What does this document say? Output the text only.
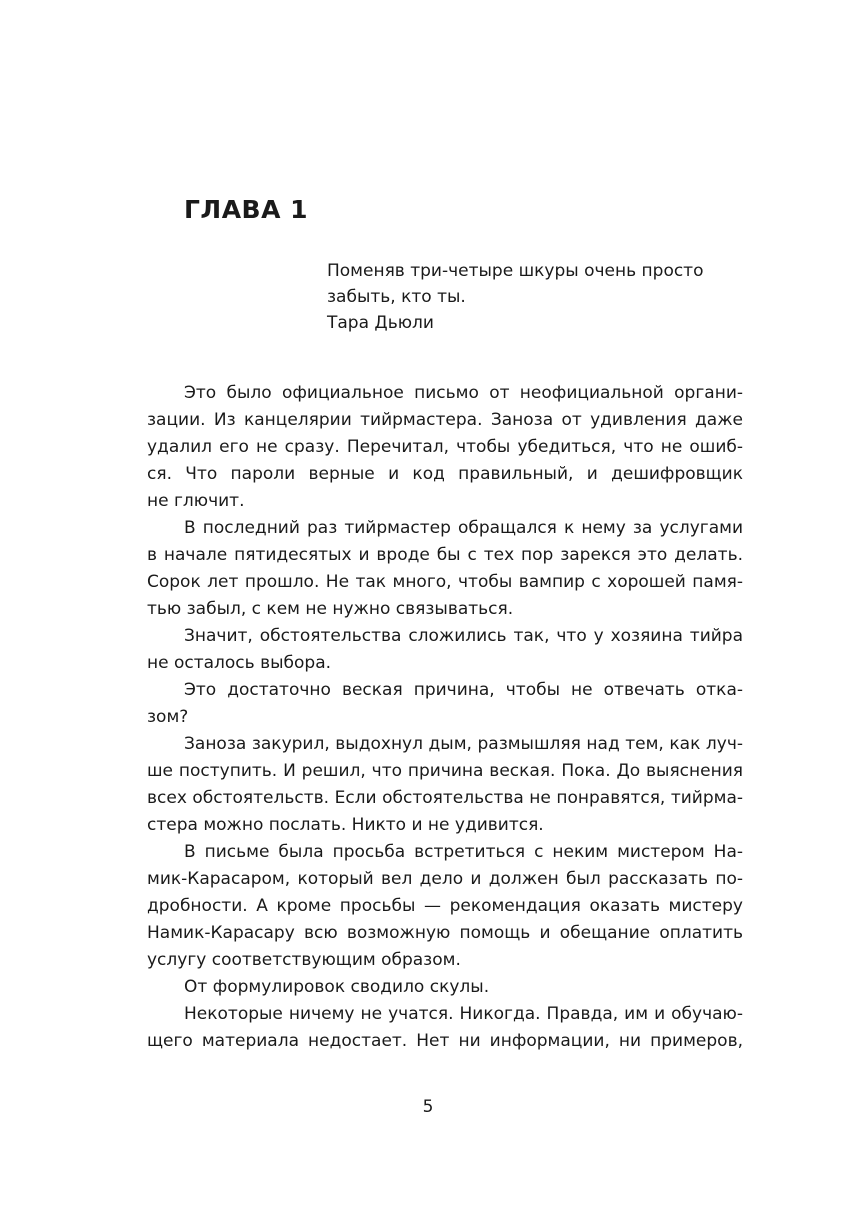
ГЛАВА 1
Поменяв три-четыре шкуры очень просто
забыть, кто ты.
Тара Дьюли
Это было официальное письмо от неофициальной органи-
зации. Из канцелярии тийрмастера. Заноза от удивления даже
удалил его не сразу. Перечитал, чтобы убедиться, что не ошиб-
ся. Что пароли верные и код правильный, и дешифровщик
не глючит.
В последний раз тийрмастер обращался к нему за услугами
в начале пятидесятых и вроде бы с тех пор зарекся это делать.
Сорок лет прошло. Не так много, чтобы вампир с хорошей памя-
тью забыл, с кем не нужно связываться.
Значит, обстоятельства сложились так, что у хозяина тийра
не осталось выбора.
Это достаточно веская причина, чтобы не отвечать отка-
зом?
Заноза закурил, выдохнул дым, размышляя над тем, как луч-
ше поступить. И решил, что причина веская. Пока. До выяснения
всех обстоятельств. Если обстоятельства не понравятся, тийрма-
стера можно послать. Никто и не удивится.
В письме была просьба встретиться с неким мистером На-
мик-Карасаром, который вел дело и должен был рассказать по-
дробности. А кроме просьбы — рекомендация оказать мистеру
Намик-Карасару всю возможную помощь и обещание оплатить
услугу соответствующим образом.
От формулировок сводило скулы.
Некоторые ничему не учатся. Никогда. Правда, им и обучаю-
щего материала недостает. Нет ни информации, ни примеров,
5
